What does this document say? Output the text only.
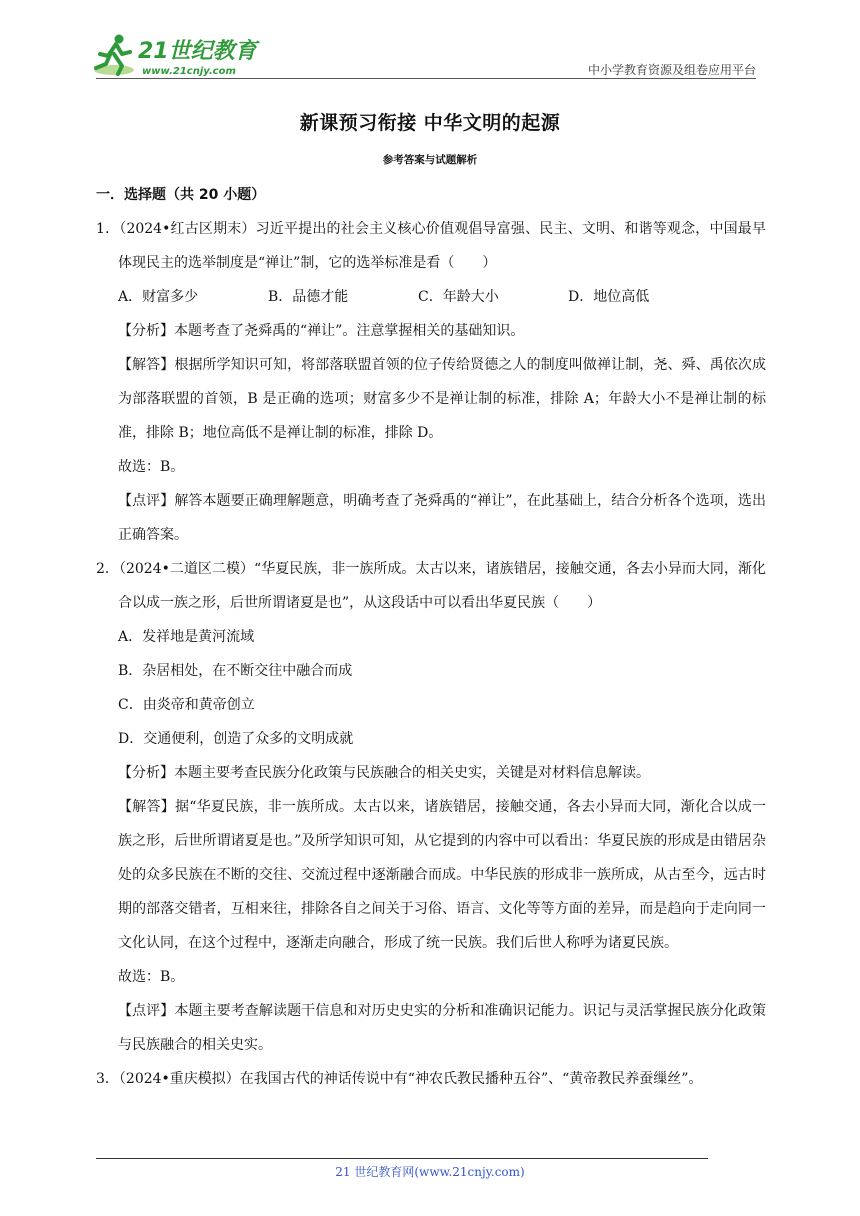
21世纪教育
www.21cnjy.com	中小学教育资源及组卷应用平台
新课预习衔接 中华文明的起源
参考答案与试题解析
一．选择题（共 20 小题）

1．（2024•红古区期末）习近平提出的社会主义核心价值观倡导富强、民主、文明、和谐等观念，中国最早体现民主的选举制度是“禅让”制，它的选举标准是看（　　）

A．财富多少	B．品德才能	C．年龄大小	D．地位高低

【分析】本题考查了尧舜禹的“禅让”。注意掌握相关的基础知识。

【解答】根据所学知识可知，将部落联盟首领的位子传给贤德之人的制度叫做禅让制，尧、舜、禹依次成为部落联盟的首领，B 是正确的选项；财富多少不是禅让制的标准，排除 A；年龄大小不是禅让制的标准，排除 B；地位高低不是禅让制的标准，排除 D。

故选：B。

【点评】解答本题要正确理解题意，明确考查了尧舜禹的“禅让”，在此基础上，结合分析各个选项，选出正确答案。

2．（2024•二道区二模）“华夏民族，非一族所成。太古以来，诸族错居，接触交通，各去小异而大同，渐化合以成一族之形，后世所谓诸夏是也”，从这段话中可以看出华夏民族（　　）

A．发祥地是黄河流域
B．杂居相处，在不断交往中融合而成
C．由炎帝和黄帝创立
D．交通便利，创造了众多的文明成就

【分析】本题主要考查民族分化政策与民族融合的相关史实，关键是对材料信息解读。

【解答】据“华夏民族，非一族所成。太古以来，诸族错居，接触交通，各去小异而大同，渐化合以成一族之形，后世所谓诸夏是也。”及所学知识可知，从它提到的内容中可以看出：华夏民族的形成是由错居杂处的众多民族在不断的交往、交流过程中逐渐融合而成。中华民族的形成非一族所成，从古至今，远古时期的部落交错者，互相来往，排除各自之间关于习俗、语言、文化等等方面的差异，而是趋向于走向同一文化认同，在这个过程中，逐渐走向融合，形成了统一民族。我们后世人称呼为诸夏民族。

故选：B。

【点评】本题主要考查解读题干信息和对历史史实的分析和准确识记能力。识记与灵活掌握民族分化政策与民族融合的相关史实。

3．（2024•重庆模拟）在我国古代的神话传说中有“神农氏教民播种五谷”、“黄帝教民养蚕缫丝”。

21 世纪教育网(www.21cnjy.com)
